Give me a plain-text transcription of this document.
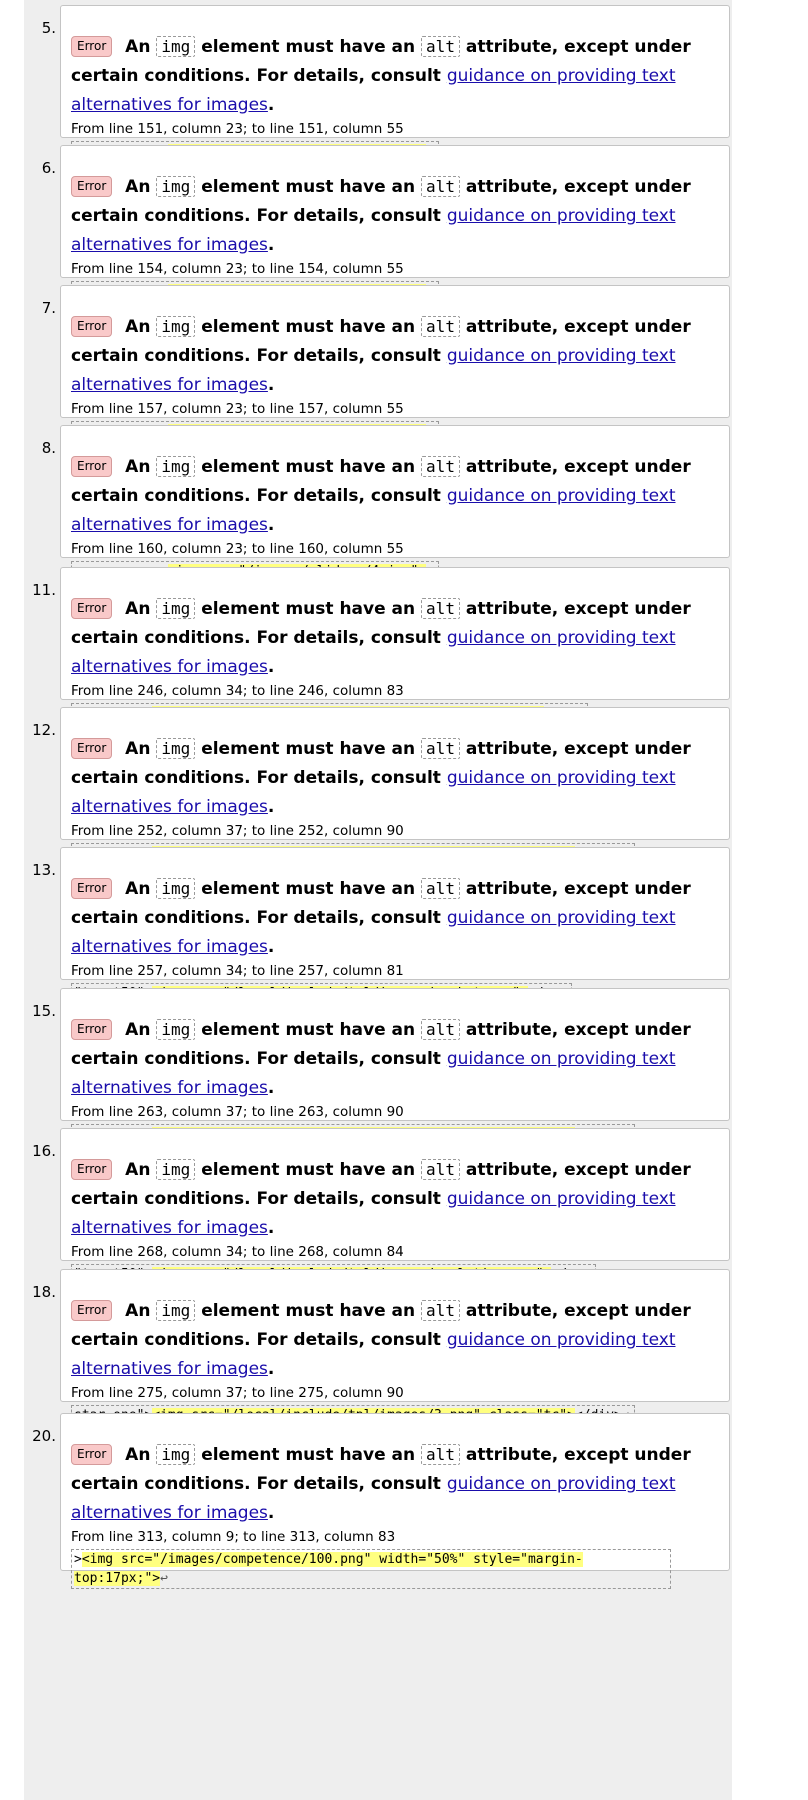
5.

Error An img element must have an alt attribute, except under certain conditions. For details, consult guidance on providing text alternatives for images.

From line 151, column 23; to line 151, column 55

6.

Error An img element must have an alt attribute, except under certain conditions. For details, consult guidance on providing text alternatives for images.

From line 154, column 23; to line 154, column 55

7.

Error An img element must have an alt attribute, except under certain conditions. For details, consult guidance on providing text alternatives for images.

From line 157, column 23; to line 157, column 55

8.

Error An img element must have an alt attribute, except under certain conditions. For details, consult guidance on providing text alternatives for images.

From line 160, column 23; to line 160, column 55

11.

Error An img element must have an alt attribute, except under certain conditions. For details, consult guidance on providing text alternatives for images.

From line 246, column 34; to line 246, column 83

12.

Error An img element must have an alt attribute, except under certain conditions. For details, consult guidance on providing text alternatives for images.

From line 252, column 37; to line 252, column 90

13.

Error An img element must have an alt attribute, except under certain conditions. For details, consult guidance on providing text alternatives for images.

From line 257, column 34; to line 257, column 81

15.

Error An img element must have an alt attribute, except under certain conditions. For details, consult guidance on providing text alternatives for images.

From line 263, column 37; to line 263, column 90

16.

Error An img element must have an alt attribute, except under certain conditions. For details, consult guidance on providing text alternatives for images.

From line 268, column 34; to line 268, column 84

18.

Error An img element must have an alt attribute, except under certain conditions. For details, consult guidance on providing text alternatives for images.

From line 275, column 37; to line 275, column 90

20.

Error An img element must have an alt attribute, except under certain conditions. For details, consult guidance on providing text alternatives for images.

From line 313, column 9; to line 313, column 83

><img src="/images/competence/100.png" width="50%" style="margin-top:17px;">↩
